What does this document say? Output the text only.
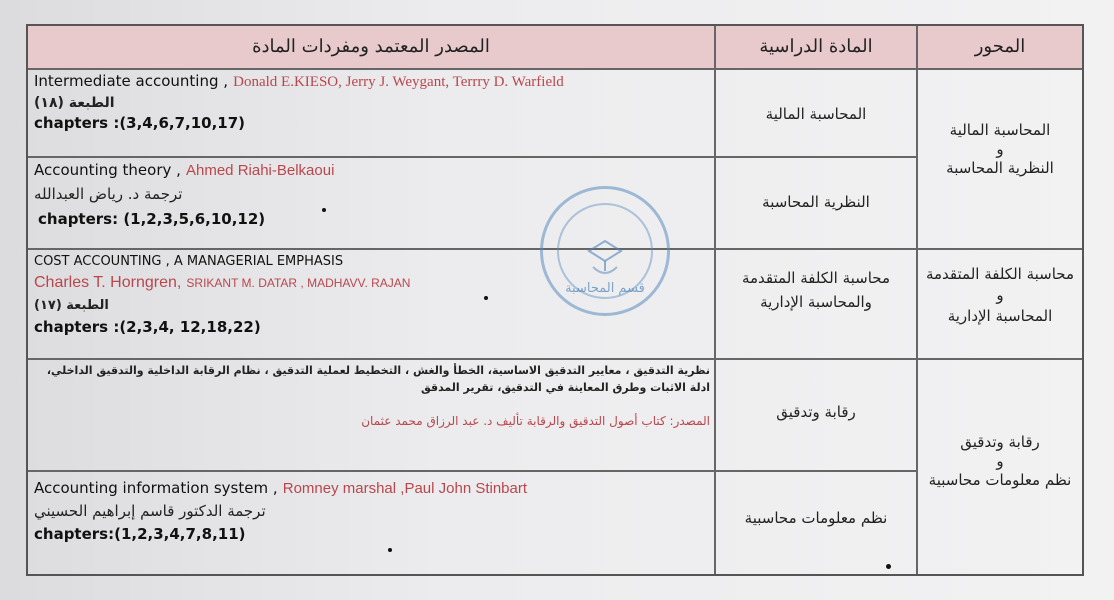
المصدر المعتمد ومفردات المادة	المادة الدراسية	المحور
المحاسبة المالية
و
النظرية المحاسبة
محاسبة الكلفة المتقدمة
و
المحاسبة الإدارية
رقابة وتدقيق
و
نظم معلومات محاسبية
المحاسبة المالية
النظرية المحاسبة
محاسبة الكلفة المتقدمة
والمحاسبة الإدارية
رقابة وتدقيق
نظم معلومات محاسبية
Intermediate accounting , Donald E.KIESO, Jerry J. Weygant, Terrry D. Warfield
الطبعة (١٨)
chapters :(3,4,6,7,10,17)
Accounting theory , Ahmed Riahi-Belkaoui
ترجمة د. رياض العبدالله
chapters: (1,2,3,5,6,10,12)
COST ACCOUNTING , A MANAGERIAL EMPHASIS
Charles T. Horngren, SRIKANT M. DATAR , MADHAVV. RAJAN
الطبعة (١٧)
chapters :(2,3,4, 12,18,22)
نظرية التدقيق ، معايير التدقيق الاساسية، الخطأ والغش ، التخطيط لعملية التدقيق ، نظام الرقابة الداخلية والتدقيق الداخلي،
ادلة الاثبات وطرق المعاينة في التدقيق، تقرير المدقق
المصدر: كتاب أصول التدقيق والرقابة تأليف د. عبد الرزاق محمد عثمان
Accounting information system , Romney marshal ,Paul John Stinbart
ترجمة الدكتور قاسم إبراهيم الحسيني
chapters:(1,2,3,4,7,8,11)
قسم المحاسبة
